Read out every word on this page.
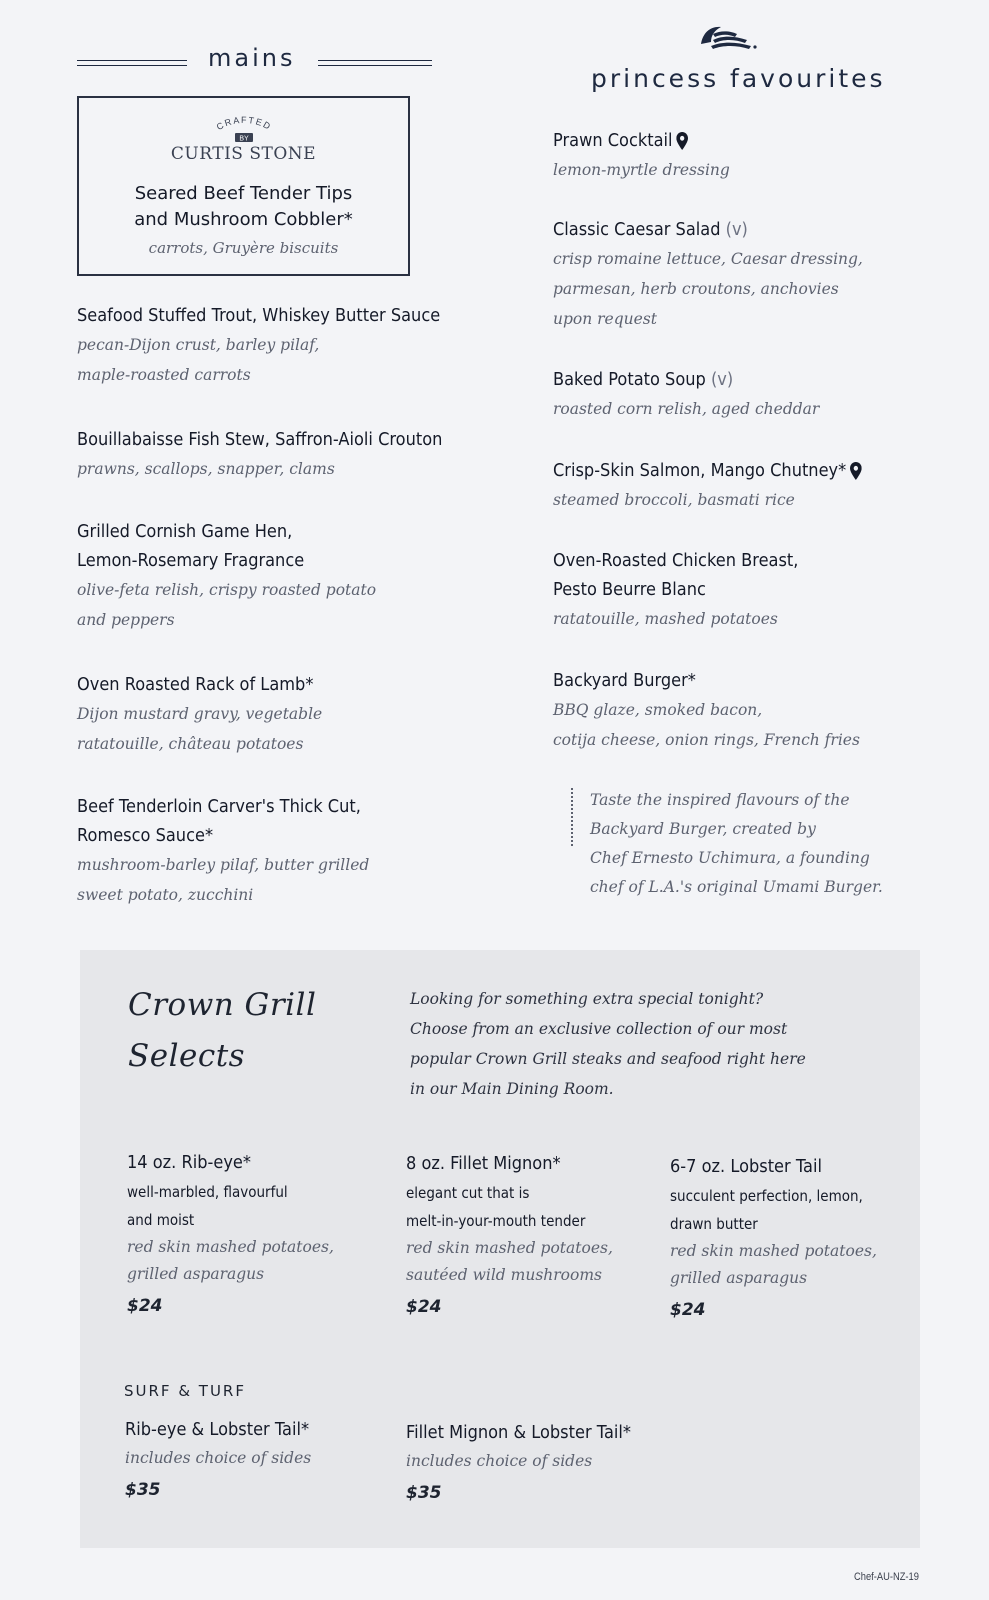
mains
princess favourites
CRAFTED
BY
CURTIS STONE
Seared Beef Tender Tips
and Mushroom Cobbler*
carrots, Gruyère biscuits
Seafood Stuffed Trout, Whiskey Butter Sauce
pecan-Dijon crust, barley pilaf,
maple-roasted carrots
Bouillabaisse Fish Stew, Saffron-Aioli Crouton
prawns, scallops, snapper, clams
Grilled Cornish Game Hen,
Lemon-Rosemary Fragrance
olive-feta relish, crispy roasted potato
and peppers
Oven Roasted Rack of Lamb*
Dijon mustard gravy, vegetable
ratatouille, château potatoes
Beef Tenderloin Carver's Thick Cut,
Romesco Sauce*
mushroom-barley pilaf, butter grilled
sweet potato, zucchini
Prawn Cocktail
lemon-myrtle dressing
Classic Caesar Salad (v)
crisp romaine lettuce, Caesar dressing,
parmesan, herb croutons, anchovies
upon request
Baked Potato Soup (v)
roasted corn relish, aged cheddar
Crisp-Skin Salmon, Mango Chutney*
steamed broccoli, basmati rice
Oven-Roasted Chicken Breast,
Pesto Beurre Blanc
ratatouille, mashed potatoes
Backyard Burger*
BBQ glaze, smoked bacon,
cotija cheese, onion rings, French fries
Taste the inspired flavours of the
Backyard Burger, created by
Chef Ernesto Uchimura, a founding
chef of L.A.'s original Umami Burger.
Crown Grill
Selects
Looking for something extra special tonight?
Choose from an exclusive collection of our most
popular Crown Grill steaks and seafood right here
in our Main Dining Room.
14 oz. Rib-eye*
well-marbled, flavourful
and moist
red skin mashed potatoes,
grilled asparagus
$24
8 oz. Fillet Mignon*
elegant cut that is
melt-in-your-mouth tender
red skin mashed potatoes,
sautéed wild mushrooms
$24
6-7 oz. Lobster Tail
succulent perfection, lemon,
drawn butter
red skin mashed potatoes,
grilled asparagus
$24
SURF & TURF
Rib-eye & Lobster Tail*
includes choice of sides
$35
Fillet Mignon & Lobster Tail*
includes choice of sides
$35
Chef-AU-NZ-19
